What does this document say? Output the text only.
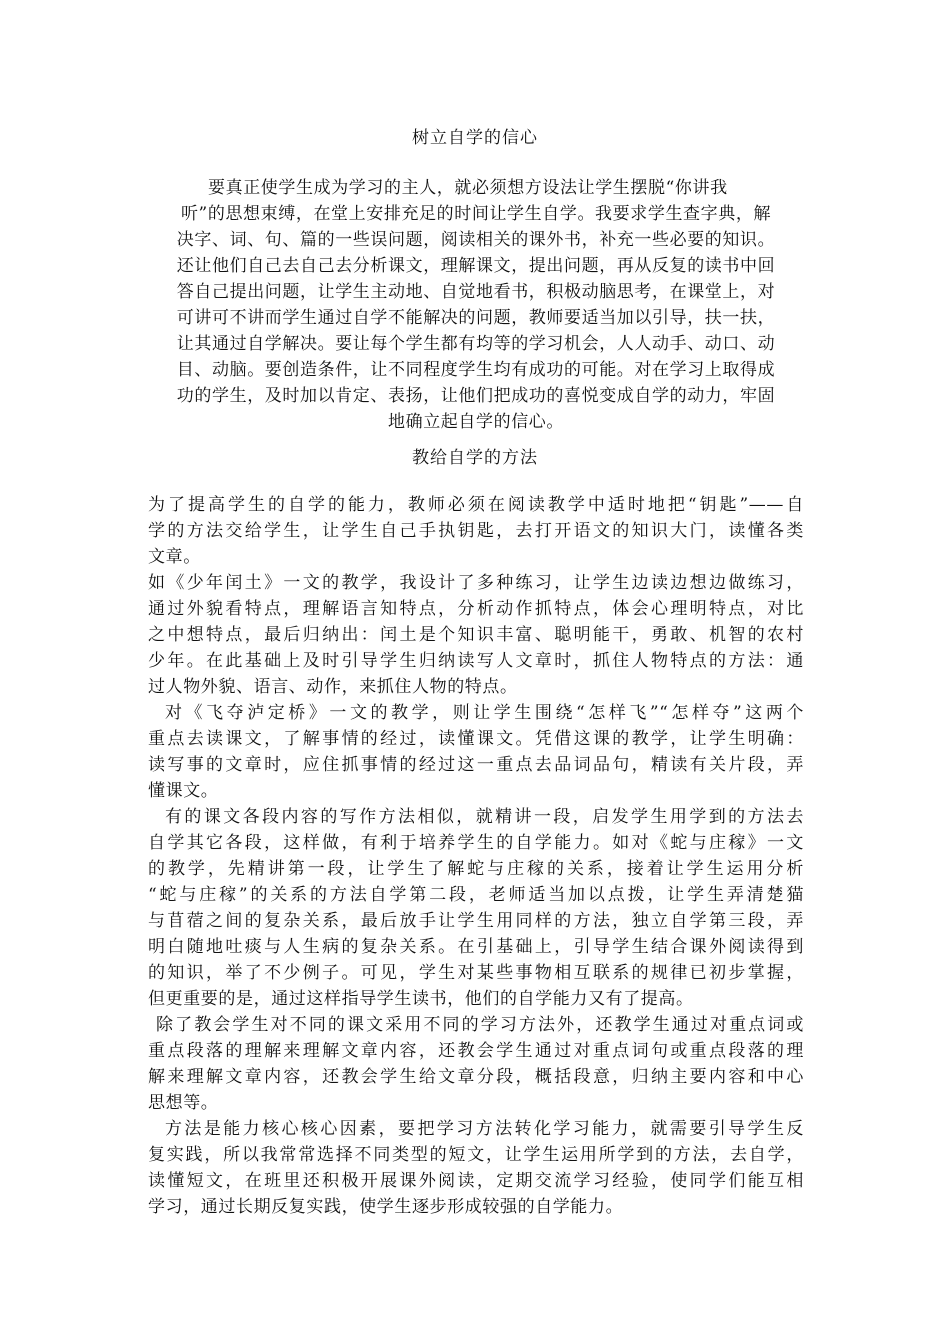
树立自学的信心
要真正使学生成为学习的主人，就必须想方设法让学生摆脱“你讲我
听”的思想束缚，在堂上安排充足的时间让学生自学。我要求学生查字典，解
决字、词、句、篇的一些误问题，阅读相关的课外书，补充一些必要的知识。
还让他们自己去自己去分析课文，理解课文，提出问题，再从反复的读书中回
答自己提出问题，让学生主动地、自觉地看书，积极动脑思考，在课堂上，对
可讲可不讲而学生通过自学不能解决的问题，教师要适当加以引导，扶一扶，
让其通过自学解决。要让每个学生都有均等的学习机会，人人动手、动口、动
目、动脑。要创造条件，让不同程度学生均有成功的可能。对在学习上取得成
功的学生，及时加以肯定、表扬，让他们把成功的喜悦变成自学的动力，牢固
地确立起自学的信心。
教给自学的方法
为了提高学生的自学的能力，教师必须在阅读教学中适时地把“钥匙”——自
学的方法交给学生，让学生自己手执钥匙，去打开语文的知识大门，读懂各类
文章。
如《少年闰土》一文的教学，我设计了多种练习，让学生边读边想边做练习，
通过外貌看特点，理解语言知特点，分析动作抓特点，体会心理明特点，对比
之中想特点，最后归纳出：闰土是个知识丰富、聪明能干，勇敢、机智的农村
少年。在此基础上及时引导学生归纳读写人文章时，抓住人物特点的方法：通
过人物外貌、语言、动作，来抓住人物的特点。
对《飞夺泸定桥》一文的教学，则让学生围绕“怎样飞”“怎样夺”这两个
重点去读课文，了解事情的经过，读懂课文。凭借这课的教学，让学生明确：
读写事的文章时，应住抓事情的经过这一重点去品词品句，精读有关片段，弄
懂课文。
有的课文各段内容的写作方法相似，就精讲一段，启发学生用学到的方法去
自学其它各段，这样做，有利于培养学生的自学能力。如对《蛇与庄稼》一文
的教学，先精讲第一段，让学生了解蛇与庄稼的关系，接着让学生运用分析
“蛇与庄稼”的关系的方法自学第二段，老师适当加以点拨，让学生弄清楚猫
与苜蓿之间的复杂关系，最后放手让学生用同样的方法，独立自学第三段，弄
明白随地吐痰与人生病的复杂关系。在引基础上，引导学生结合课外阅读得到
的知识，举了不少例子。可见，学生对某些事物相互联系的规律已初步掌握，
但更重要的是，通过这样指导学生读书，他们的自学能力又有了提高。
除了教会学生对不同的课文采用不同的学习方法外，还教学生通过对重点词或
重点段落的理解来理解文章内容，还教会学生通过对重点词句或重点段落的理
解来理解文章内容，还教会学生给文章分段，概括段意，归纳主要内容和中心
思想等。
方法是能力核心核心因素，要把学习方法转化学习能力，就需要引导学生反
复实践，所以我常常选择不同类型的短文，让学生运用所学到的方法，去自学，
读懂短文，在班里还积极开展课外阅读，定期交流学习经验，使同学们能互相
学习，通过长期反复实践，使学生逐步形成较强的自学能力。
